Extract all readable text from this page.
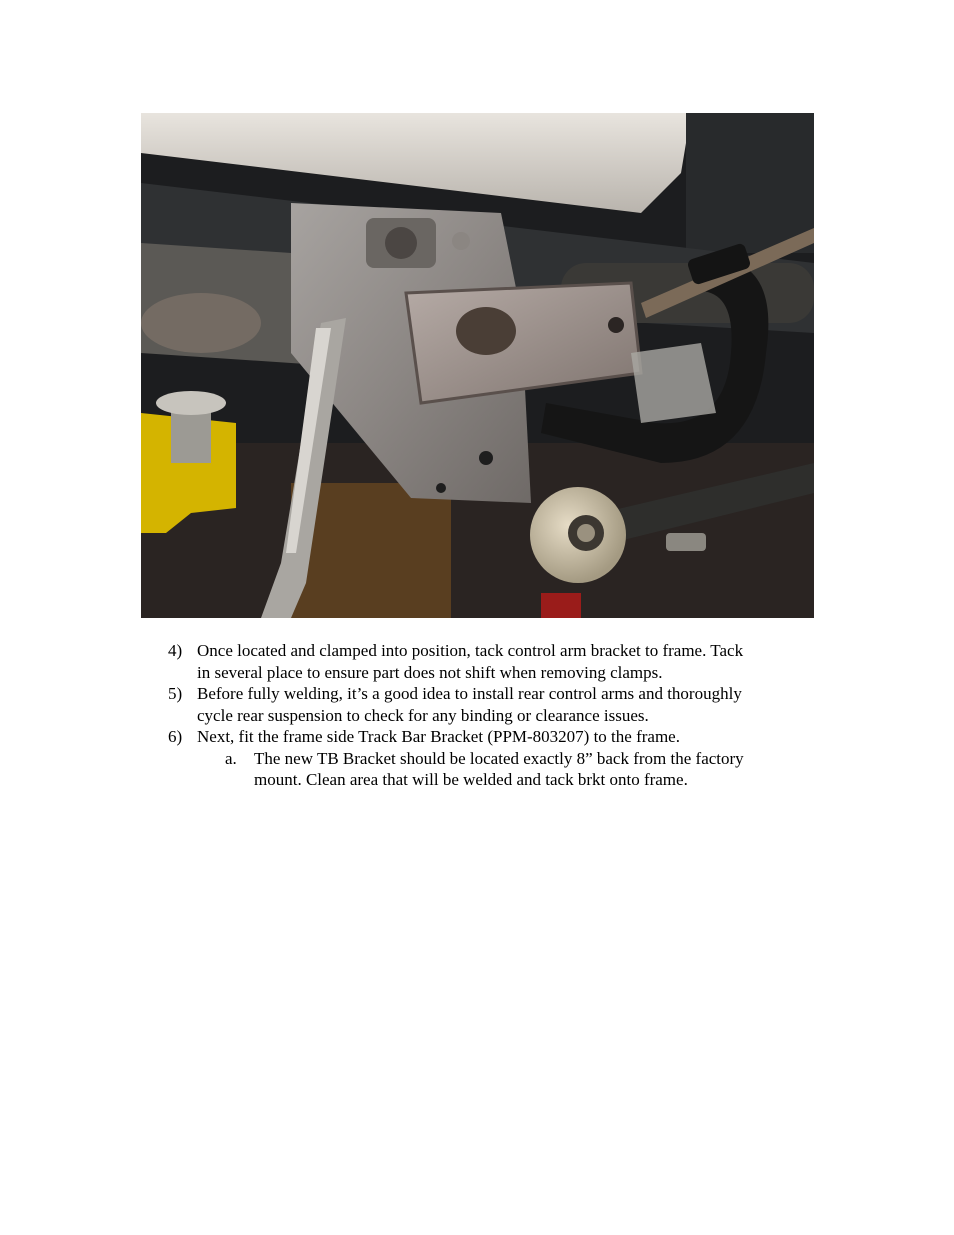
4) Once located and clamped into position, tack control arm bracket to frame. Tack
in several place to ensure part does not shift when removing clamps.
5) Before fully welding, it’s a good idea to install rear control arms and thoroughly
cycle rear suspension to check for any binding or clearance issues.
6) Next, fit the frame side Track Bar Bracket (PPM-803207) to the frame.
a. The new TB Bracket should be located exactly 8” back from the factory
mount. Clean area that will be welded and tack brkt onto frame.
